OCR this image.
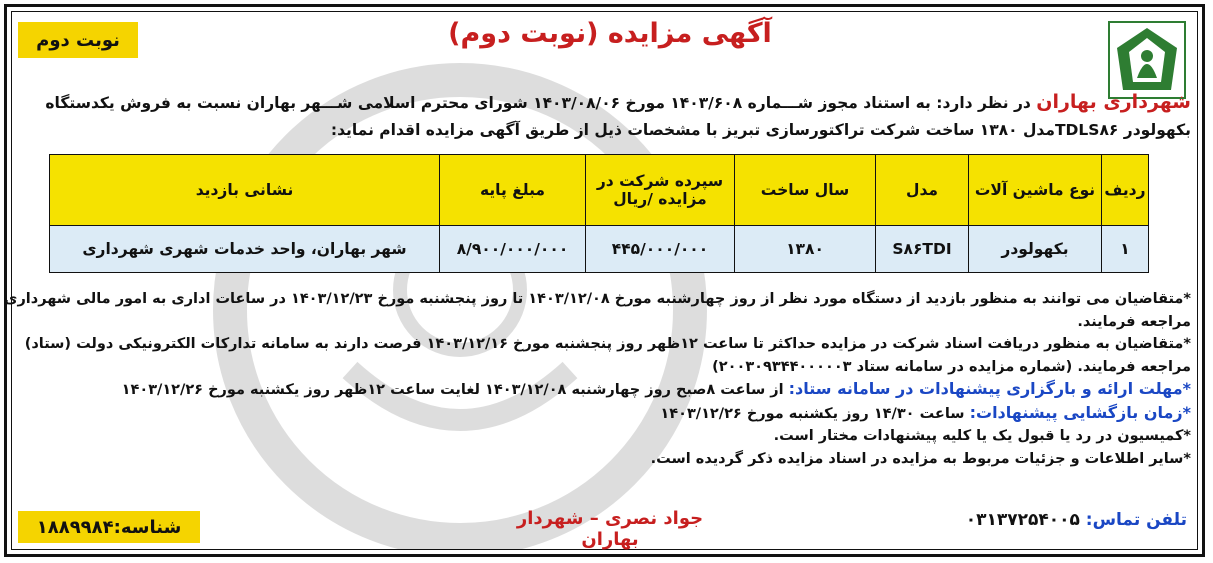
نوبت دوم	آگهی مزایده (نوبت دوم)
شهرداری بهاران در نظر دارد: به استناد مجوز شـــماره ۱۴۰۳/۶۰۸ مورخ ۱۴۰۳/۰۸/۰۶ شورای محترم اسلامی شـــهر بهاران نسبت به فروش یکدستگاه
بکهولودر TDLS۸۶مدل ۱۳۸۰ ساخت شرکت تراکتورسازی تبریز با مشخصات ذیل از طریق آگهی مزایده اقدام نماید:
ردیف	نوع ماشین آلات	مدل	سال ساخت	سپرده شرکت در مزایده /ریال	مبلغ پایه	نشانی بازدید
۱	بکهولودر	S۸۶TDI	۱۳۸۰	۴۴۵/۰۰۰/۰۰۰	۸/۹۰۰/۰۰۰/۰۰۰	شهر بهاران، واحد خدمات شهری شهرداری
*متقاضیان می توانند به منظور بازدید از دستگاه مورد نظر از روز چهارشنبه مورخ ۱۴۰۳/۱۲/۰۸ تا روز پنجشنبه مورخ ۱۴۰۳/۱۲/۲۳ در ساعات اداری به امور مالی شهرداری
مراجعه فرمایند.
*متقاضیان به منظور دریافت اسناد شرکت در مزایده حداکثر تا ساعت ۱۲ظهر روز پنجشنبه مورخ ۱۴۰۳/۱۲/۱۶ فرصت دارند به سامانه تدارکات الکترونیکی دولت (ستاد)
مراجعه فرمایند. (شماره مزایده در سامانه ستاد ۲۰۰۳۰۹۳۴۴۰۰۰۰۰۳)
*مهلت ارائه و بارگزاری پیشنهادات در سامانه ستاد: از ساعت ۸صبح روز چهارشنبه ۱۴۰۳/۱۲/۰۸ لغایت ساعت ۱۲ظهر روز یکشنبه مورخ ۱۴۰۳/۱۲/۲۶
*زمان بازگشایی پیشنهادات: ساعت ۱۴/۳۰ روز یکشنبه مورخ ۱۴۰۳/۱۲/۲۶
*کمیسیون در رد یا قبول یک یا کلیه پیشنهادات مختار است.
*سایر اطلاعات و جزئیات مربوط به مزایده در اسناد مزایده ذکر گردیده است.
تلفن تماس: ۰۳۱۳۷۲۵۴۰۰۵
جواد نصری – شهردار بهاران
شناسه:
۱۸۸۹۹۸۴
